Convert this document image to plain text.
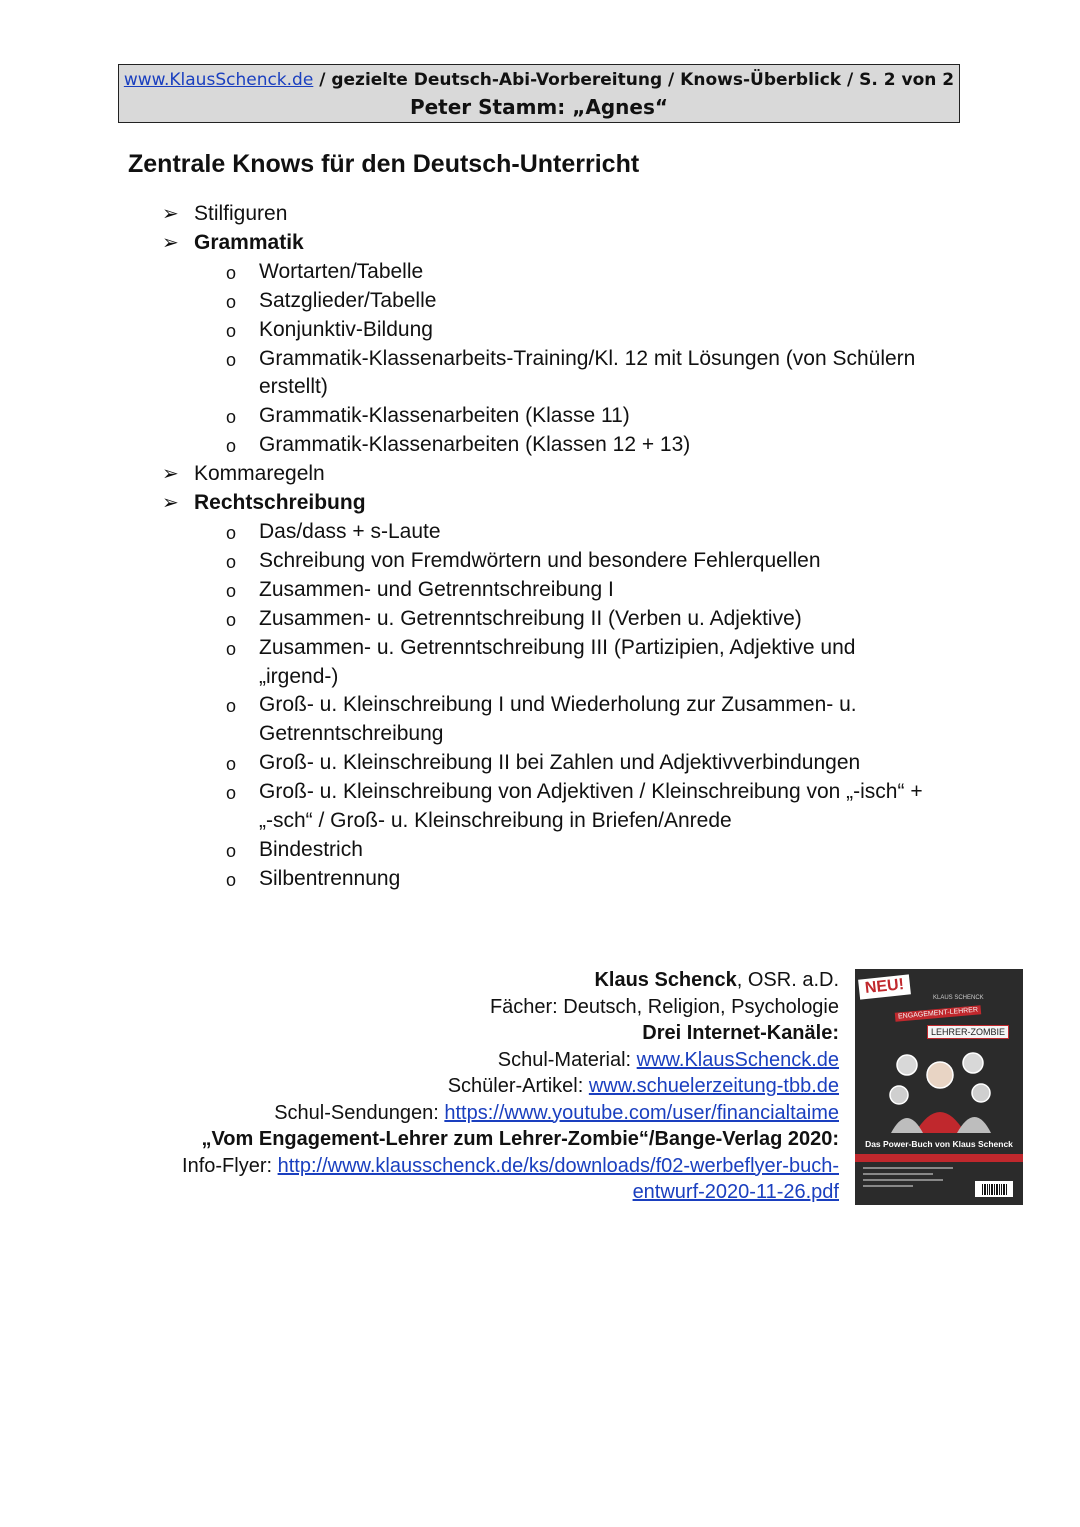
www.KlausSchenck.de / gezielte Deutsch-Abi-Vorbereitung / Knows-Überblick / S. 2 von 2
Peter Stamm: „Agnes“
Zentrale Knows für den Deutsch-Unterricht
➢ Stilfiguren
➢ Grammatik
o Wortarten/Tabelle
o Satzglieder/Tabelle
o Konjunktiv-Bildung
o Grammatik-Klassenarbeits-Training/Kl. 12 mit Lösungen (von Schülern
erstellt)
o Grammatik-Klassenarbeiten (Klasse 11)
o Grammatik-Klassenarbeiten (Klassen 12 + 13)
➢ Kommaregeln
➢ Rechtschreibung
o Das/dass + s-Laute
o Schreibung von Fremdwörtern und besondere Fehlerquellen
o Zusammen- und Getrenntschreibung I
o Zusammen- u. Getrenntschreibung II (Verben u. Adjektive)
o Zusammen- u. Getrenntschreibung III (Partizipien, Adjektive und
„irgend-)
o Groß- u. Kleinschreibung I und Wiederholung zur Zusammen- u.
Getrenntschreibung
o Groß- u. Kleinschreibung II bei Zahlen und Adjektivverbindungen
o Groß- u. Kleinschreibung von Adjektiven / Kleinschreibung von „-isch“ +
„-sch“ / Groß- u. Kleinschreibung in Briefen/Anrede
o Bindestrich
o Silbentrennung
Klaus Schenck, OSR. a.D.
Fächer: Deutsch, Religion, Psychologie
Drei Internet-Kanäle:
Schul-Material: www.KlausSchenck.de
Schüler-Artikel: www.schuelerzeitung-tbb.de
Schul-Sendungen: https://www.youtube.com/user/financialtaime
„Vom Engagement-Lehrer zum Lehrer-Zombie“/Bange-Verlag 2020:
Info-Flyer: http://www.klausschenck.de/ks/downloads/f02-werbeflyer-buch-
entwurf-2020-11-26.pdf
NEU!
KLAUS SCHENCK
ENGAGEMENT-LEHRER
LEHRER-ZOMBIE
Das Power-Buch von Klaus Schenck
